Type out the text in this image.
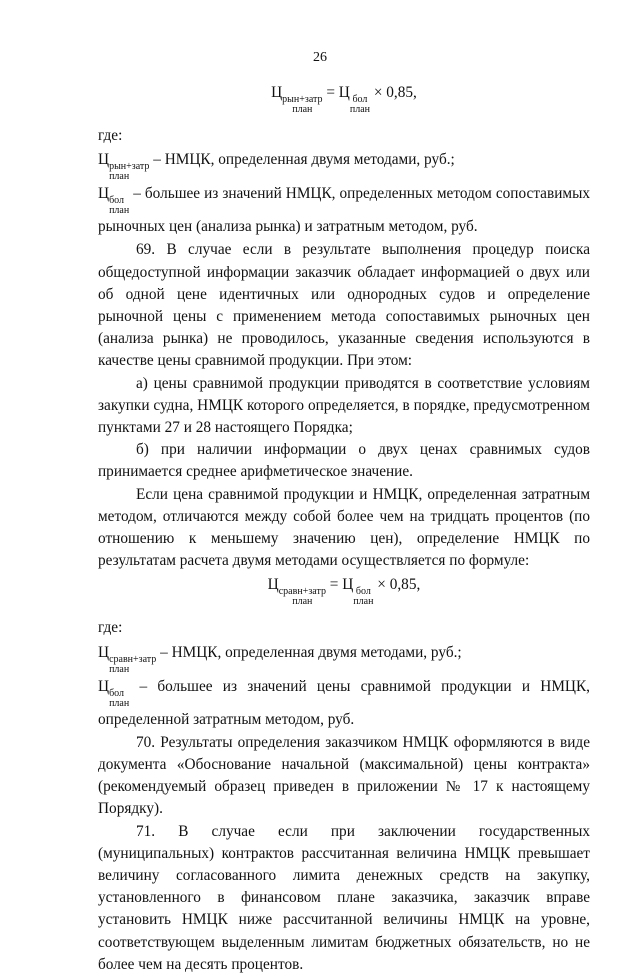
26
Ц рын+затр
план
= Ц бол
план
× 0,85,

где:

Ц рын+затр
план
– НМЦК, определенная двумя методами, руб.;

Ц бол
план
– большее из значений НМЦК, определенных методом сопоставимых рыночных цен (анализа рынка) и затратным методом, руб.

69. В случае если в результате выполнения процедур поиска общедоступной информации заказчик обладает информацией о двух или об одной цене идентичных или однородных судов и определение рыночной цены с применением метода сопоставимых рыночных цен (анализа рынка) не проводилось, указанные сведения используются в качестве цены сравнимой продукции. При этом:

а) цены сравнимой продукции приводятся в соответствие условиям закупки судна, НМЦК которого определяется, в порядке, предусмотренном пунктами 27 и 28 настоящего Порядка;

б) при наличии информации о двух ценах сравнимых судов принимается среднее арифметическое значение.

Если цена сравнимой продукции и НМЦК, определенная затратным методом, отличаются между собой более чем на тридцать процентов (по отношению к меньшему значению цен), определение НМЦК по результатам расчета двумя методами осуществляется по формуле:

Ц сравн+затр
план
= Ц бол
план
× 0,85,

где:

Ц сравн+затр
план
– НМЦК, определенная двумя методами, руб.;

Ц бол
план
– большее из значений цены сравнимой продукции и НМЦК, определенной затратным методом, руб.

70. Результаты определения заказчиком НМЦК оформляются в виде документа «Обоснование начальной (максимальной) цены контракта» (рекомендуемый образец приведен в приложении № 17 к настоящему Порядку).

71. В случае если при заключении государственных (муниципальных) контрактов рассчитанная величина НМЦК превышает величину согласованного лимита денежных средств на закупку, установленного в финансовом плане заказчика, заказчик вправе установить НМЦК ниже рассчитанной величины НМЦК на уровне, соответствующем выделенным лимитам бюджетных обязательств, но не более чем на десять процентов.
